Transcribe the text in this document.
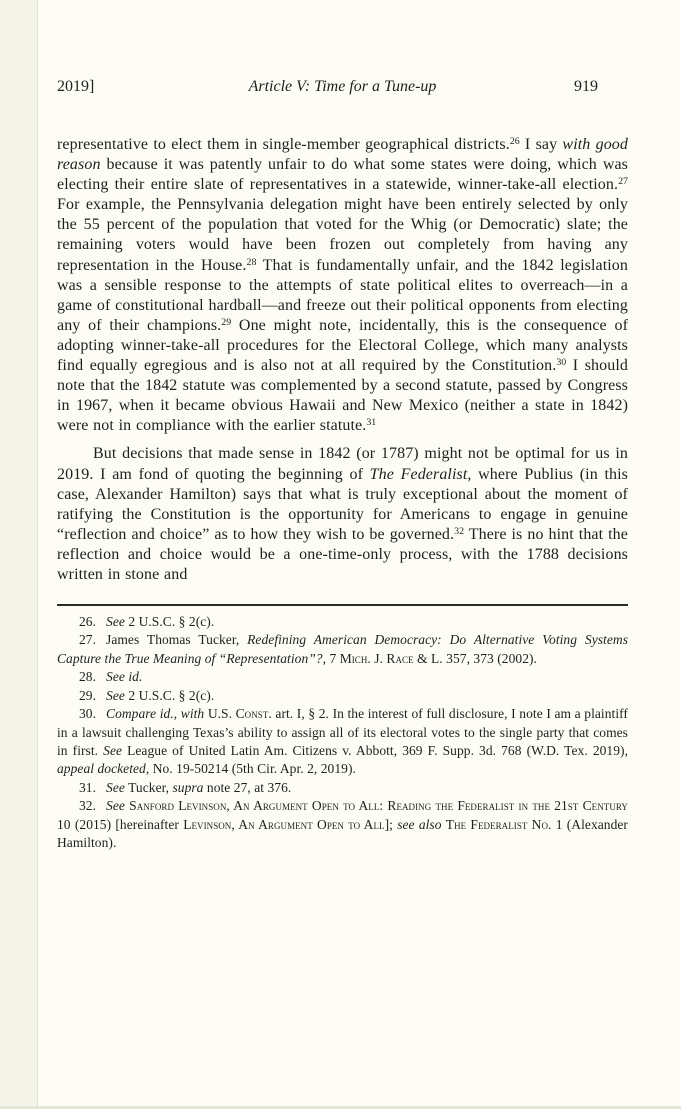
2019]	Article V: Time for a Tune-up	919

representative to elect them in single-member geographical districts.$^{26}$ I say with good reason because it was patently unfair to do what some states were doing, which was electing their entire slate of representatives in a statewide, winner-take-all election.$^{27}$ For example, the Pennsylvania delegation might have been entirely selected by only the 55 percent of the population that voted for the Whig (or Democratic) slate; the remaining voters would have been frozen out completely from having any representation in the House.$^{28}$ That is fundamentally unfair, and the 1842 legislation was a sensible response to the attempts of state political elites to overreach—in a game of constitutional hardball—and freeze out their political opponents from electing any of their champions.$^{29}$ One might note, incidentally, this is the consequence of adopting winner-take-all procedures for the Electoral College, which many analysts find equally egregious and is also not at all required by the Constitution.$^{30}$ I should note that the 1842 statute was complemented by a second statute, passed by Congress in 1967, when it became obvious Hawaii and New Mexico (neither a state in 1842) were not in compliance with the earlier statute.$^{31}$

But decisions that made sense in 1842 (or 1787) might not be optimal for us in 2019. I am fond of quoting the beginning of The Federalist, where Publius (in this case, Alexander Hamilton) says that what is truly exceptional about the moment of ratifying the Constitution is the opportunity for Americans to engage in genuine “reflection and choice” as to how they wish to be governed.$^{32}$ There is no hint that the reflection and choice would be a one-time-only process, with the 1788 decisions written in stone and

26. See 2 U.S.C. § 2(c).

27. James Thomas Tucker, Redefining American Democracy: Do Alternative Voting Systems Capture the True Meaning of “Representation”?, 7 Mich. J. Race & L. 357, 373 (2002).

28. See id.

29. See 2 U.S.C. § 2(c).

30. Compare id., with U.S. Const. art. I, § 2. In the interest of full disclosure, I note I am a plaintiff in a lawsuit challenging Texas’s ability to assign all of its electoral votes to the single party that comes in first. See League of United Latin Am. Citizens v. Abbott, 369 F. Supp. 3d. 768 (W.D. Tex. 2019), appeal docketed, No. 19-50214 (5th Cir. Apr. 2, 2019).

31. See Tucker, supra note 27, at 376.

32. See Sanford Levinson, An Argument Open to All: Reading the Federalist in the 21st Century 10 (2015) [hereinafter Levinson, An Argument Open to All]; see also The Federalist No. 1 (Alexander Hamilton).
